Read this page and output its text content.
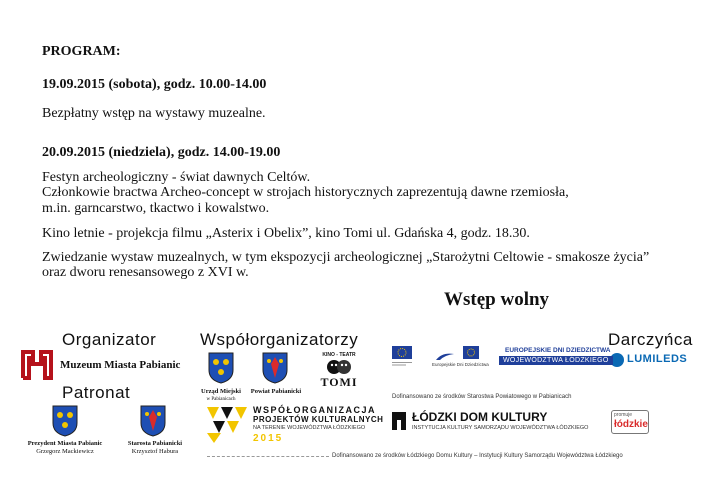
PROGRAM:
19.09.2015 (sobota), godz. 10.00-14.00
Bezpłatny wstęp na wystawy muzealne.
20.09.2015 (niedziela), godz. 14.00-19.00
Festyn archeologiczny - świat dawnych Celtów.
Członkowie bractwa Archeo-concept w strojach historycznych zaprezentują dawne rzemiosła,
m.in. garncarstwo, tkactwo i kowalstwo.
Kino letnie - projekcja filmu „Asterix i Obelix”, kino Tomi ul. Gdańska 4, godz. 18.30.
Zwiedzanie wystaw muzealnych, w tym ekspozycji archeologicznej „Starożytni Celtowie - smakosze życia”
oraz dworu renesansowego z XVI w.
Wstęp wolny
Organizator
Muzeum Miasta Pabianic
Patronat
Prezydent Miasta Pabianic
Grzegorz Mackiewicz
Starosta Pabianicki
Krzysztof Habura
Współorganizatorzy
Urząd Miejski
w Pabianicach
Powiat Pabianicki
KINO - TEATR
TOMI
WSPÓŁORGANIZACJA
PROJEKTÓW KULTURALNYCH
NA TERENIE WOJEWÓDZTWA ŁÓDZKIEGO
2015
Darczyńca
LUMILEDS
Europejskie Dni Dziedzictwa
EUROPEJSKIE DNI DZIEDZICTWA
WOJEWÓDZTWA ŁÓDZKIEGO
Dofinansowano ze środków Starostwa Powiatowego w Pabianicach
ŁÓDZKI DOM KULTURY
INSTYTUCJA KULTURY SAMORZĄDU WOJEWÓDZTWA ŁÓDZKIEGO
promuje
łódzkie
Dofinansowano ze środków Łódzkiego Domu Kultury – Instytucji Kultury Samorządu Województwa Łódzkiego
